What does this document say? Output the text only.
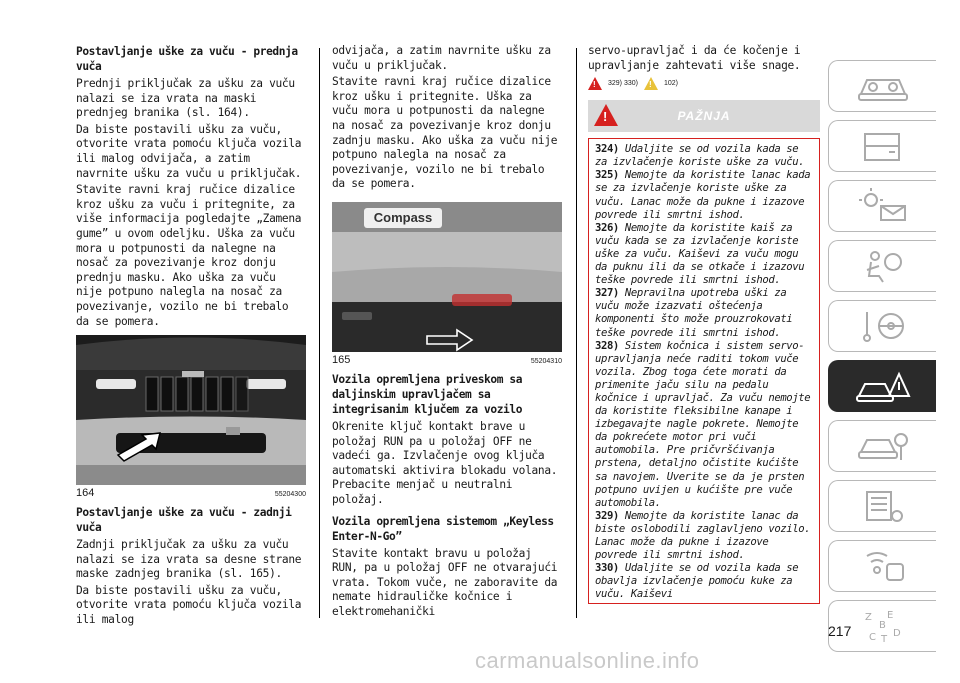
Postavljanje uške za vuču - prednja vuča

Prednji priključak za ušku za vuču nalazi se iza vrata na maski prednjeg branika (sl. 164).

Da biste postavili ušku za vuču, otvorite vrata pomoću ključa vozila ili malog odvijača, a zatim navrnite ušku za vuču u priključak.

Stavite ravni kraj ručice dizalice kroz ušku za vuču i pritegnite, za više informacija pogledajte „Zamena gume” u ovom odeljku. Uška za vuču mora u potpunosti da nalegne na nosač za povezivanje kroz donju prednju masku. Ako uška za vuču nije potpuno nalegla na nosač za povezivanje, vozilo ne bi trebalo da se pomera.

164	55204300

Postavljanje uške za vuču - zadnji vuča

Zadnji priključak za ušku za vuču nalazi se iza vrata sa desne strane maske zadnjeg branika (sl. 165).

Da biste postavili ušku za vuču, otvorite vrata pomoću ključa vozila ili malog

odvijača, a zatim navrnite ušku za vuču u priključak.

Stavite ravni kraj ručice dizalice kroz ušku i pritegnite. Uška za vuču mora u potpunosti da nalegne na nosač za povezivanje kroz donju zadnju masku. Ako uška za vuču nije potpuno nalegla na nosač za povezivanje, vozilo ne bi trebalo da se pomera.

Compass
165	55204310

Vozila opremljena priveskom sa daljinskim upravljačem sa integrisanim ključem za vozilo

Okrenite ključ kontakt brave u položaj RUN pa u položaj OFF ne vadeći ga. Izvlačenje ovog ključa automatski aktivira blokadu volana. Prebacite menjač u neutralni položaj.

Vozila opremljena sistemom „Keyless Enter-N-Go”

Stavite kontakt bravu u položaj RUN, pa u položaj OFF ne otvarajući vrata. Tokom vuče, ne zaboravite da nemate hidrauličke kočnice i elektromehanički

servo-upravljač i da će kočenje i upravljanje zahtevati više snage.

! 329) 330) ! 102)
!	PAŽNJA

324) Udaljite se od vozila kada se za izvlačenje koriste uške za vuču.

325) Nemojte da koristite lanac kada se za izvlačenje koriste uške za vuču. Lanac može da pukne i izazove povrede ili smrtni ishod.

326) Nemojte da koristite kaiš za vuču kada se za izvlačenje koriste uške za vuču. Kaiševi za vuču mogu da puknu ili da se otkače i izazovu teške povrede ili smrtni ishod.

327) Nepravilna upotreba uški za vuču može izazvati oštećenja komponenti što može prouzrokovati teške povrede ili smrtni ishod.

328) Sistem kočnica i sistem servo-upravljanja neće raditi tokom vuče vozila. Zbog toga ćete morati da primenite jaču silu na pedalu kočnice i upravljač. Za vuču nemojte da koristite fleksibilne kanape i izbegavajte nagle pokrete. Nemojte da pokrećete motor pri vuči automobila. Pre pričvršćivanja prstena, detaljno očistite kućište sa navojem. Uverite se da je prsten potpuno uvijen u kućište pre vuče automobila.

329) Nemojte da koristite lanac da biste oslobodili zaglavljeno vozilo. Lanac može da pukne i izazove povrede ili smrtni ishod.

330) Udaljite se od vozila kada se obavlja izvlačenje pomoću kuke za vuču. Kaiševi

Z E
B
C T
D
217
carmanualsonline.info
